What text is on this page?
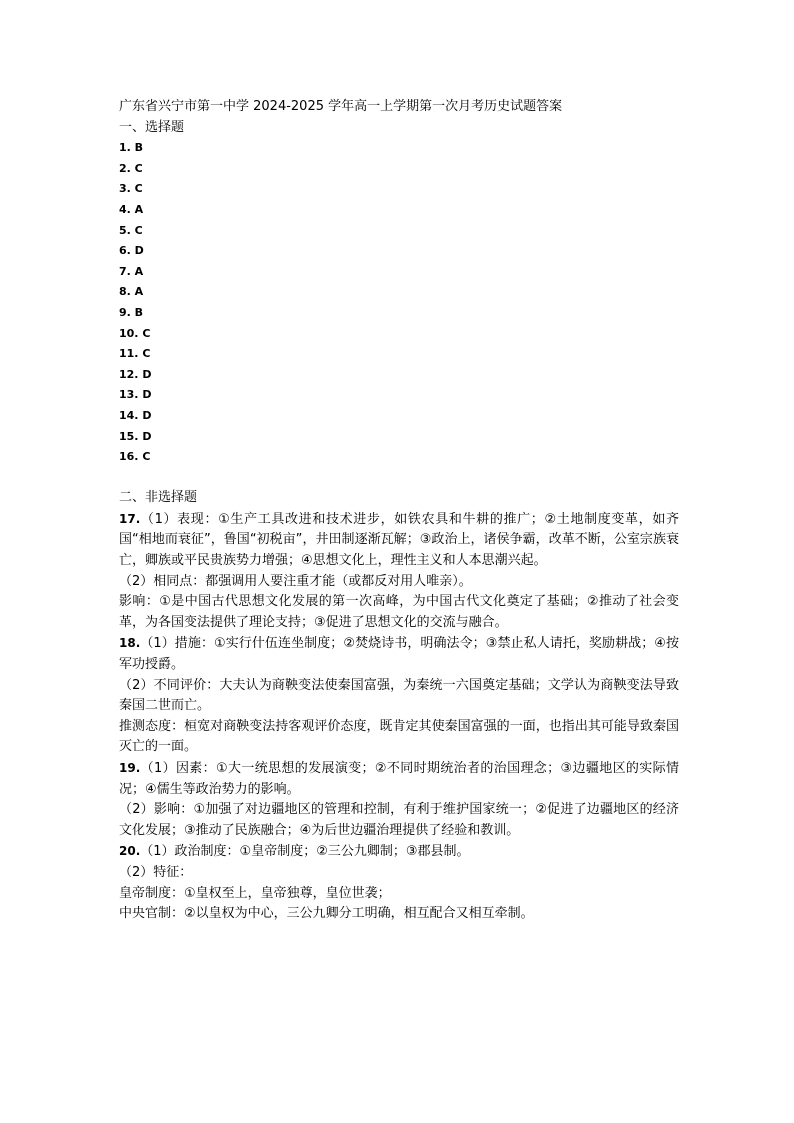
广东省兴宁市第一中学 2024-2025 学年高一上学期第一次月考历史试题答案
一、选择题
1. B
2. C
3. C
4. A
5. C
6. D
7. A
8. A
9. B
10. C
11. C
12. D
13. D
14. D
15. D
16. C
二、非选择题
17.（1）表现：①生产工具改进和技术进步，如铁农具和牛耕的推广；②土地制度变革，如齐国“相地而衰征”，鲁国“初税亩”，井田制逐渐瓦解；③政治上，诸侯争霸，改革不断，公室宗族衰亡，卿族或平民贵族势力增强；④思想文化上，理性主义和人本思潮兴起。
（2）相同点：都强调用人要注重才能（或都反对用人唯亲）。
影响：①是中国古代思想文化发展的第一次高峰，为中国古代文化奠定了基础；②推动了社会变革，为各国变法提供了理论支持；③促进了思想文化的交流与融合。
18.（1）措施：①实行什伍连坐制度；②焚烧诗书，明确法令；③禁止私人请托，奖励耕战；④按军功授爵。
（2）不同评价：大夫认为商鞅变法使秦国富强，为秦统一六国奠定基础；文学认为商鞅变法导致秦国二世而亡。
推测态度：桓宽对商鞅变法持客观评价态度，既肯定其使秦国富强的一面，也指出其可能导致秦国灭亡的一面。
19.（1）因素：①大一统思想的发展演变；②不同时期统治者的治国理念；③边疆地区的实际情况；④儒生等政治势力的影响。
（2）影响：①加强了对边疆地区的管理和控制，有利于维护国家统一；②促进了边疆地区的经济文化发展；③推动了民族融合；④为后世边疆治理提供了经验和教训。
20.（1）政治制度：①皇帝制度；②三公九卿制；③郡县制。
（2）特征：
皇帝制度：①皇权至上，皇帝独尊，皇位世袭；
中央官制：②以皇权为中心，三公九卿分工明确，相互配合又相互牵制。
